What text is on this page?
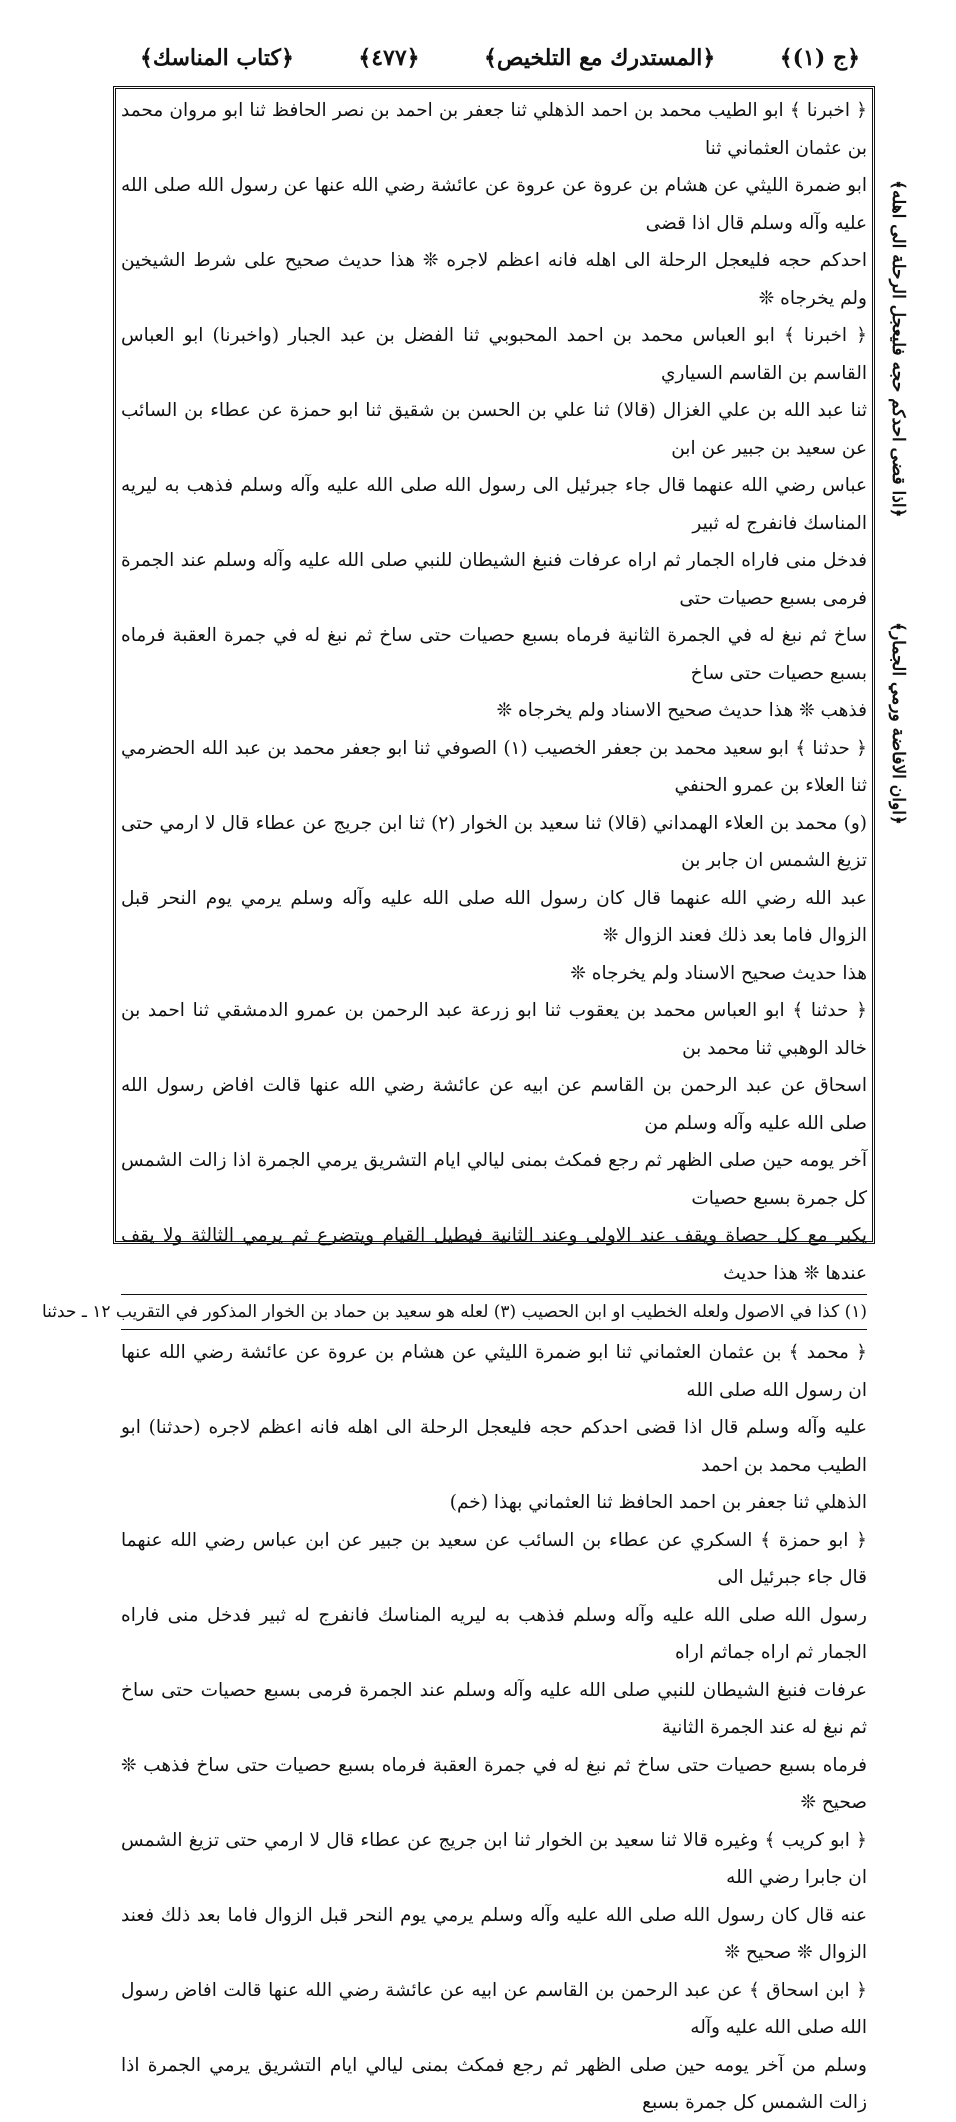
﴿ج (١)﴾
﴿المستدرك مع التلخيص﴾
﴿٤٧٧﴾
﴿كتاب المناسك﴾

﴿ اخبرنا ﴾ ابو الطيب محمد بن احمد الذهلي ثنا جعفر بن احمد بن نصر الحافظ ثنا ابو مروان محمد بن عثمان العثماني ثنا

ابو ضمرة الليثي عن هشام بن عروة عن عروة عن عائشة رضي الله عنها عن رسول الله صلى الله عليه وآله وسلم قال اذا قضى

احدكم حجه فليعجل الرحلة الى اهله فانه اعظم لاجره ❊ هذا حديث صحيح على شرط الشيخين ولم يخرجاه ❊

﴿ اخبرنا ﴾ ابو العباس محمد بن احمد المحبوبي ثنا الفضل بن عبد الجبار (واخبرنا) ابو العباس القاسم بن القاسم السياري

ثنا عبد الله بن علي الغزال (قالا) ثنا علي بن الحسن بن شقيق ثنا ابو حمزة عن عطاء بن السائب عن سعيد بن جبير عن ابن

عباس رضي الله عنهما قال جاء جبرئيل الى رسول الله صلى الله عليه وآله وسلم فذهب به ليريه المناسك فانفرج له ثبير

فدخل منى فاراه الجمار ثم اراه عرفات فنبغ الشيطان للنبي صلى الله عليه وآله وسلم عند الجمرة فرمى بسبع حصيات حتى

ساخ ثم نبغ له في الجمرة الثانية فرماه بسبع حصيات حتى ساخ ثم نبغ له في جمرة العقبة فرماه بسبع حصيات حتى ساخ

فذهب ❊ هذا حديث صحيح الاسناد ولم يخرجاه ❊

﴿ حدثنا ﴾ ابو سعيد محمد بن جعفر الخصيب (١) الصوفي ثنا ابو جعفر محمد بن عبد الله الحضرمي ثنا العلاء بن عمرو الحنفي

(و) محمد بن العلاء الهمداني (قالا) ثنا سعيد بن الخوار (٢) ثنا ابن جريج عن عطاء قال لا ارمي حتى تزيغ الشمس ان جابر بن

عبد الله رضي الله عنهما قال كان رسول الله صلى الله عليه وآله وسلم يرمي يوم النحر قبل الزوال فاما بعد ذلك فعند الزوال ❊

هذا حديث صحيح الاسناد ولم يخرجاه ❊

﴿ حدثنا ﴾ ابو العباس محمد بن يعقوب ثنا ابو زرعة عبد الرحمن بن عمرو الدمشقي ثنا احمد بن خالد الوهبي ثنا محمد بن

اسحاق عن عبد الرحمن بن القاسم عن ابيه عن عائشة رضي الله عنها قالت افاض رسول الله صلى الله عليه وآله وسلم من

آخر يومه حين صلى الظهر ثم رجع فمكث بمنى ليالي ايام التشريق يرمي الجمرة اذا زالت الشمس كل جمرة بسبع حصيات

يكبر مع كل حصاة ويقف عند الاولى وعند الثانية فيطيل القيام ويتضرع ثم يرمي الثالثة ولا يقف عندها ❊ هذا حديث

(١) كذا في الاصول ولعله الخطيب او ابن الحصيب (٣) لعله هو سعيد بن حماد بن الخوار المذكور في التقريب ١٢ ـ حدثنا

﴿ محمد ﴾ بن عثمان العثماني ثنا ابو ضمرة الليثي عن هشام بن عروة عن عائشة رضي الله عنها ان رسول الله صلى الله

عليه وآله وسلم قال اذا قضى احدكم حجه فليعجل الرحلة الى اهله فانه اعظم لاجره (حدثنا) ابو الطيب محمد بن احمد

الذهلي ثنا جعفر بن احمد الحافظ ثنا العثماني بهذا (خم)

﴿ ابو حمزة ﴾ السكري عن عطاء بن السائب عن سعيد بن جبير عن ابن عباس رضي الله عنهما قال جاء جبرئيل الى

رسول الله صلى الله عليه وآله وسلم فذهب به ليريه المناسك فانفرج له ثبير فدخل منى فاراه الجمار ثم اراه جماثم اراه

عرفات فنبغ الشيطان للنبي صلى الله عليه وآله وسلم عند الجمرة فرمى بسبع حصيات حتى ساخ ثم نبغ له عند الجمرة الثانية

فرماه بسبع حصيات حتى ساخ ثم نبغ له في جمرة العقبة فرماه بسبع حصيات حتى ساخ فذهب ❊ صحيح ❊

﴿ ابو كريب ﴾ وغيره قالا ثنا سعيد بن الخوار ثنا ابن جريج عن عطاء قال لا ارمي حتى تزيغ الشمس ان جابرا رضي الله

عنه قال كان رسول الله صلى الله عليه وآله وسلم يرمي يوم النحر قبل الزوال فاما بعد ذلك فعند الزوال ❊ صحيح ❊

﴿ ابن اسحاق ﴾ عن عبد الرحمن بن القاسم عن ابيه عن عائشة رضي الله عنها قالت افاض رسول الله صلى الله عليه وآله

وسلم من آخر يومه حين صلى الظهر ثم رجع فمكث بمنى ليالي ايام التشريق يرمي الجمرة اذا زالت الشمس كل جمرة بسبع

﴿اذا قضى احدكم حجه فليعجل الرحلة الى اهله﴾
﴿اوان الافاضة ورمي الجمار﴾
